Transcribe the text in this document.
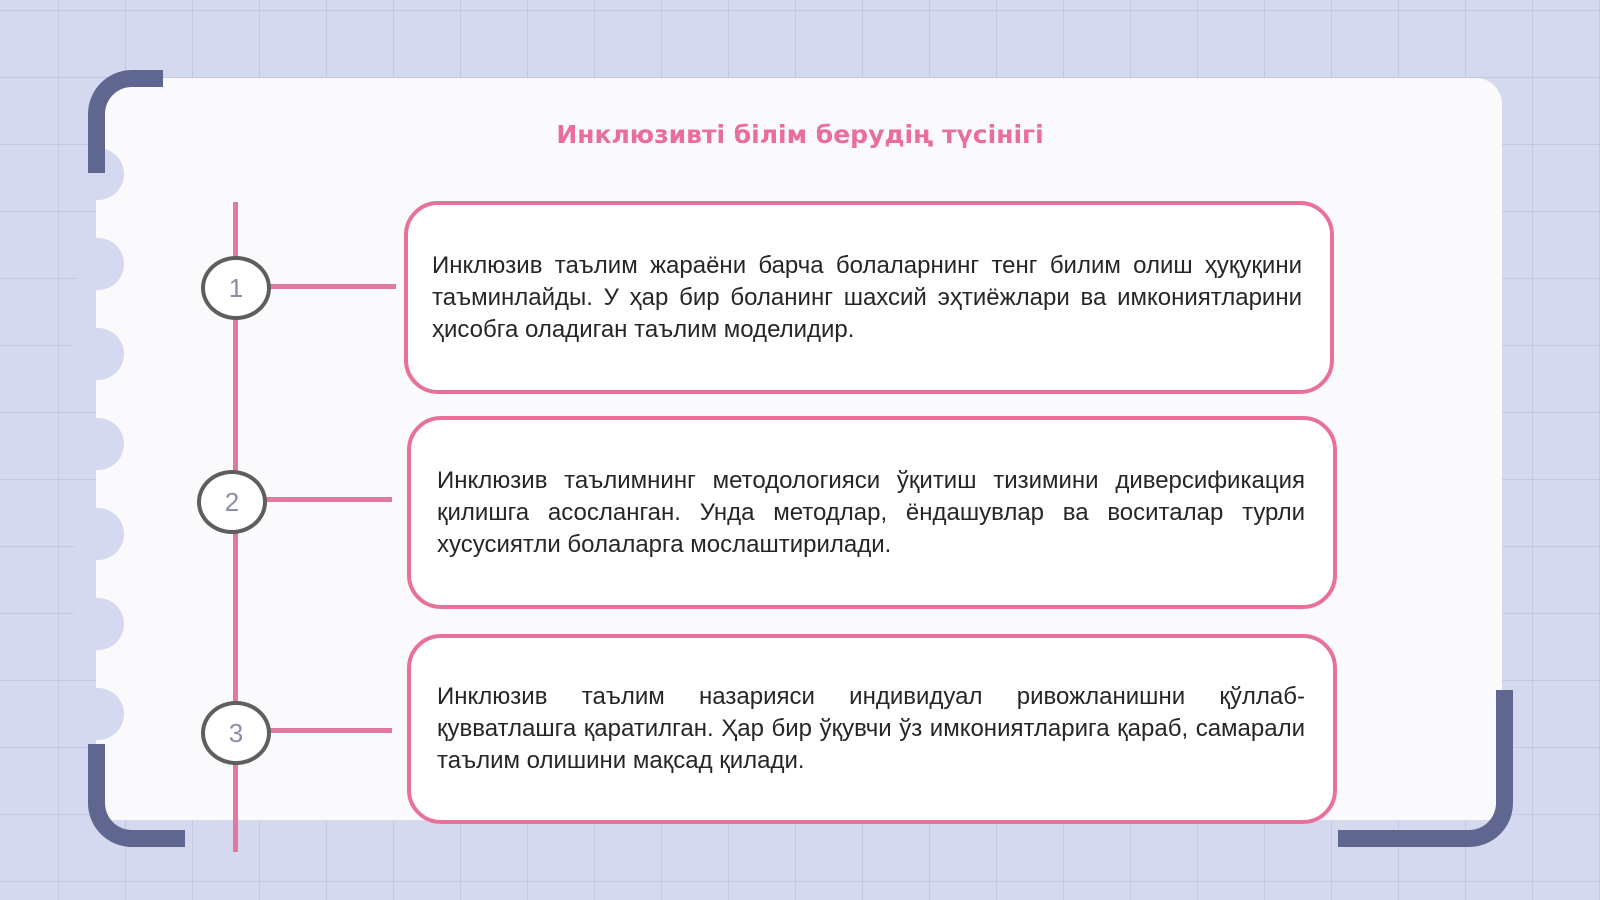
Инклюзивті білім берудің түсінігі
1
2
3

Инклюзив таълим жараёни барча болаларнинг тенг билим олиш ҳуқуқини таъминлайды. У ҳар бир боланинг шахсий эҳтиёжлари ва имкониятларини ҳисобга оладиган таълим моделидир.

Инклюзив таълимнинг методологияси ўқитиш тизимини диверсификация қилишга асосланган. Унда методлар, ёндашувлар ва воситалар турли хусусиятли болаларга мослаштирилади.

Инклюзив таълим назарияси индивидуал ривожланишни қўллаб-қувватлашга қаратилган. Ҳар бир ўқувчи ўз имкониятларига қараб, самарали таълим олишини мақсад қилади.
